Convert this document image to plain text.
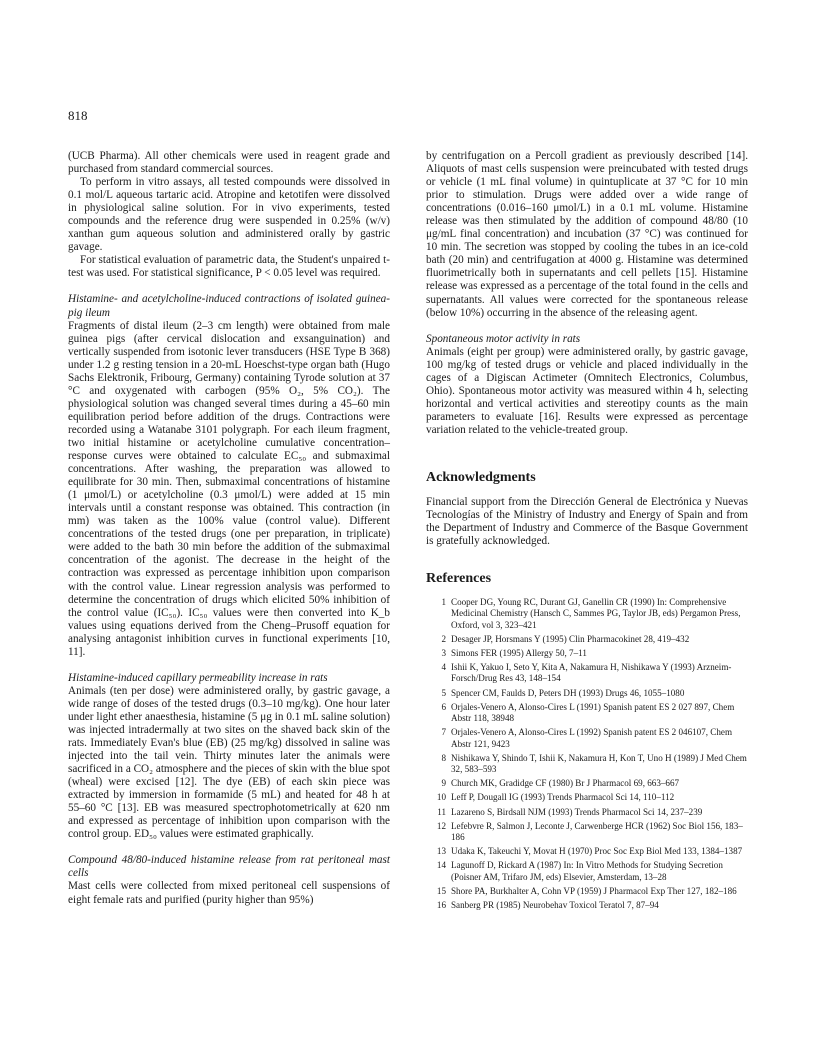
818

(UCB Pharma). All other chemicals were used in reagent grade and purchased from standard commercial sources.

To perform in vitro assays, all tested compounds were dissolved in 0.1 mol/L aqueous tartaric acid. Atropine and ketotifen were dissolved in physiological saline solution. For in vivo experiments, tested compounds and the reference drug were suspended in 0.25% (w/v) xanthan gum aqueous solution and administered orally by gastric gavage.

For statistical evaluation of parametric data, the Student's unpaired t-test was used. For statistical significance, P < 0.05 level was required.

Histamine- and acetylcholine-induced contractions of isolated guinea-pig ileum

Fragments of distal ileum (2–3 cm length) were obtained from male guinea pigs (after cervical dislocation and exsanguination) and vertically suspended from isotonic lever transducers (HSE Type B 368) under 1.2 g resting tension in a 20-mL Hoeschst-type organ bath (Hugo Sachs Elektronik, Fribourg, Germany) containing Tyrode solution at 37 °C and oxygenated with carbogen (95% O₂, 5% CO₂). The physiological solution was changed several times during a 45–60 min equilibration period before addition of the drugs. Contractions were recorded using a Watanabe 3101 polygraph. For each ileum fragment, two initial histamine or acetylcholine cumulative concentration–response curves were obtained to calculate EC₅₀ and submaximal concentrations. After washing, the preparation was allowed to equilibrate for 30 min. Then, submaximal concentrations of histamine (1 μmol/L) or acetylcholine (0.3 μmol/L) were added at 15 min intervals until a constant response was obtained. This contraction (in mm) was taken as the 100% value (control value). Different concentrations of the tested drugs (one per preparation, in triplicate) were added to the bath 30 min before the addition of the submaximal concentration of the agonist. The decrease in the height of the contraction was expressed as percentage inhibition upon comparison with the control value. Linear regression analysis was performed to determine the concentration of drugs which elicited 50% inhibition of the control value (IC₅₀). IC₅₀ values were then converted into K_b values using equations derived from the Cheng–Prusoff equation for analysing antagonist inhibition curves in functional experiments [10, 11].

Histamine-induced capillary permeability increase in rats

Animals (ten per dose) were administered orally, by gastric gavage, a wide range of doses of the tested drugs (0.3–10 mg/kg). One hour later under light ether anaesthesia, histamine (5 μg in 0.1 mL saline solution) was injected intradermally at two sites on the shaved back skin of the rats. Immediately Evan's blue (EB) (25 mg/kg) dissolved in saline was injected into the tail vein. Thirty minutes later the animals were sacrificed in a CO₂ atmosphere and the pieces of skin with the blue spot (wheal) were excised [12]. The dye (EB) of each skin piece was extracted by immersion in formamide (5 mL) and heated for 48 h at 55–60 °C [13]. EB was measured spectrophotometrically at 620 nm and expressed as percentage of inhibition upon comparison with the control group. ED₅₀ values were estimated graphically.

Compound 48/80-induced histamine release from rat peritoneal mast cells

Mast cells were collected from mixed peritoneal cell suspensions of eight female rats and purified (purity higher than 95%)

by centrifugation on a Percoll gradient as previously described [14]. Aliquots of mast cells suspension were preincubated with tested drugs or vehicle (1 mL final volume) in quintuplicate at 37 °C for 10 min prior to stimulation. Drugs were added over a wide range of concentrations (0.016–160 μmol/L) in a 0.1 mL volume. Histamine release was then stimulated by the addition of compound 48/80 (10 μg/mL final concentration) and incubation (37 °C) was continued for 10 min. The secretion was stopped by cooling the tubes in an ice-cold bath (20 min) and centrifugation at 4000 g. Histamine was determined fluorimetrically both in supernatants and cell pellets [15]. Histamine release was expressed as a percentage of the total found in the cells and supernatants. All values were corrected for the spontaneous release (below 10%) occurring in the absence of the releasing agent.

Spontaneous motor activity in rats

Animals (eight per group) were administered orally, by gastric gavage, 100 mg/kg of tested drugs or vehicle and placed individually in the cages of a Digiscan Actimeter (Omnitech Electronics, Columbus, Ohio). Spontaneous motor activity was measured within 4 h, selecting horizontal and vertical activities and stereotipy counts as the main parameters to evaluate [16]. Results were expressed as percentage variation related to the vehicle-treated group.

Acknowledgments

Financial support from the Dirección General de Electrónica y Nuevas Tecnologías of the Ministry of Industry and Energy of Spain and from the Department of Industry and Commerce of the Basque Government is gratefully acknowledged.

References
1 Cooper DG, Young RC, Durant GJ, Ganellin CR (1990) In: Comprehensive Medicinal Chemistry (Hansch C, Sammes PG, Taylor JB, eds) Pergamon Press, Oxford, vol 3, 323–421
2 Desager JP, Horsmans Y (1995) Clin Pharmacokinet 28, 419–432
3 Simons FER (1995) Allergy 50, 7–11
4 Ishii K, Yakuo I, Seto Y, Kita A, Nakamura H, Nishikawa Y (1993) Arzneim-Forsch/Drug Res 43, 148–154
5 Spencer CM, Faulds D, Peters DH (1993) Drugs 46, 1055–1080
6 Orjales-Venero A, Alonso-Cires L (1991) Spanish patent ES 2 027 897, Chem Abstr 118, 38948
7 Orjales-Venero A, Alonso-Cires L (1992) Spanish patent ES 2 046107, Chem Abstr 121, 9423
8 Nishikawa Y, Shindo T, Ishii K, Nakamura H, Kon T, Uno H (1989) J Med Chem 32, 583–593
9 Church MK, Gradidge CF (1980) Br J Pharmacol 69, 663–667
10 Leff P, Dougall IG (1993) Trends Pharmacol Sci 14, 110–112
11 Lazareno S, Birdsall NJM (1993) Trends Pharmacol Sci 14, 237–239
12 Lefebvre R, Salmon J, Leconte J, Carwenberge HCR (1962) Soc Biol 156, 183–186
13 Udaka K, Takeuchi Y, Movat H (1970) Proc Soc Exp Biol Med 133, 1384–1387
14 Lagunoff D, Rickard A (1987) In: In Vitro Methods for Studying Secretion (Poisner AM, Trifaro JM, eds) Elsevier, Amsterdam, 13–28
15 Shore PA, Burkhalter A, Cohn VP (1959) J Pharmacol Exp Ther 127, 182–186
16 Sanberg PR (1985) Neurobehav Toxicol Teratol 7, 87–94
